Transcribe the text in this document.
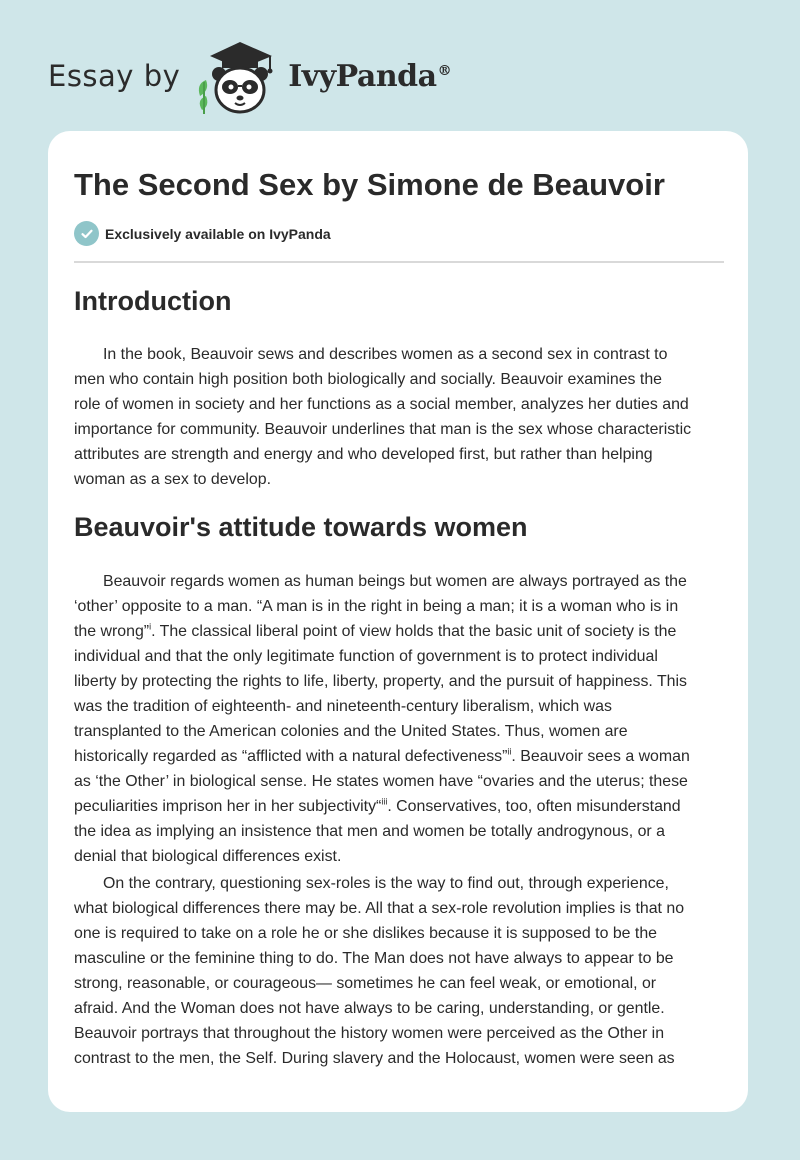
Essay by	IvyPanda®
The Second Sex by Simone de Beauvoir
Exclusively available on IvyPanda
Introduction

In the book, Beauvoir sews and describes women as a second sex in contrast to
men who contain high position both biologically and socially. Beauvoir examines the
role of women in society and her functions as a social member, analyzes her duties and
importance for community. Beauvoir underlines that man is the sex whose characteristic
attributes are strength and energy and who developed first, but rather than helping
woman as a sex to develop.

Beauvoir's attitude towards women

Beauvoir regards women as human beings but women are always portrayed as the
‘other’ opposite to a man. “A man is in the right in being a man; it is a woman who is in
the wrong”$^i$. The classical liberal point of view holds that the basic unit of society is the
individual and that the only legitimate function of government is to protect individual
liberty by protecting the rights to life, liberty, property, and the pursuit of happiness. This
was the tradition of eighteenth- and nineteenth-century liberalism, which was
transplanted to the American colonies and the United States. Thus, women are
historically regarded as “afflicted with a natural defectiveness”$^{ii}$. Beauvoir sees a woman
as ‘the Other’ in biological sense. He states women have “ovaries and the uterus; these
peculiarities imprison her in her subjectivity“$^{iii}$. Conservatives, too, often misunderstand
the idea as implying an insistence that men and women be totally androgynous, or a
denial that biological differences exist.

On the contrary, questioning sex-roles is the way to find out, through experience,
what biological differences there may be. All that a sex-role revolution implies is that no
one is required to take on a role he or she dislikes because it is supposed to be the
masculine or the feminine thing to do. The Man does not have always to appear to be
strong, reasonable, or courageous— sometimes he can feel weak, or emotional, or
afraid. And the Woman does not have always to be caring, understanding, or gentle.
Beauvoir portrays that throughout the history women were perceived as the Other in
contrast to the men, the Self. During slavery and the Holocaust, women were seen as
